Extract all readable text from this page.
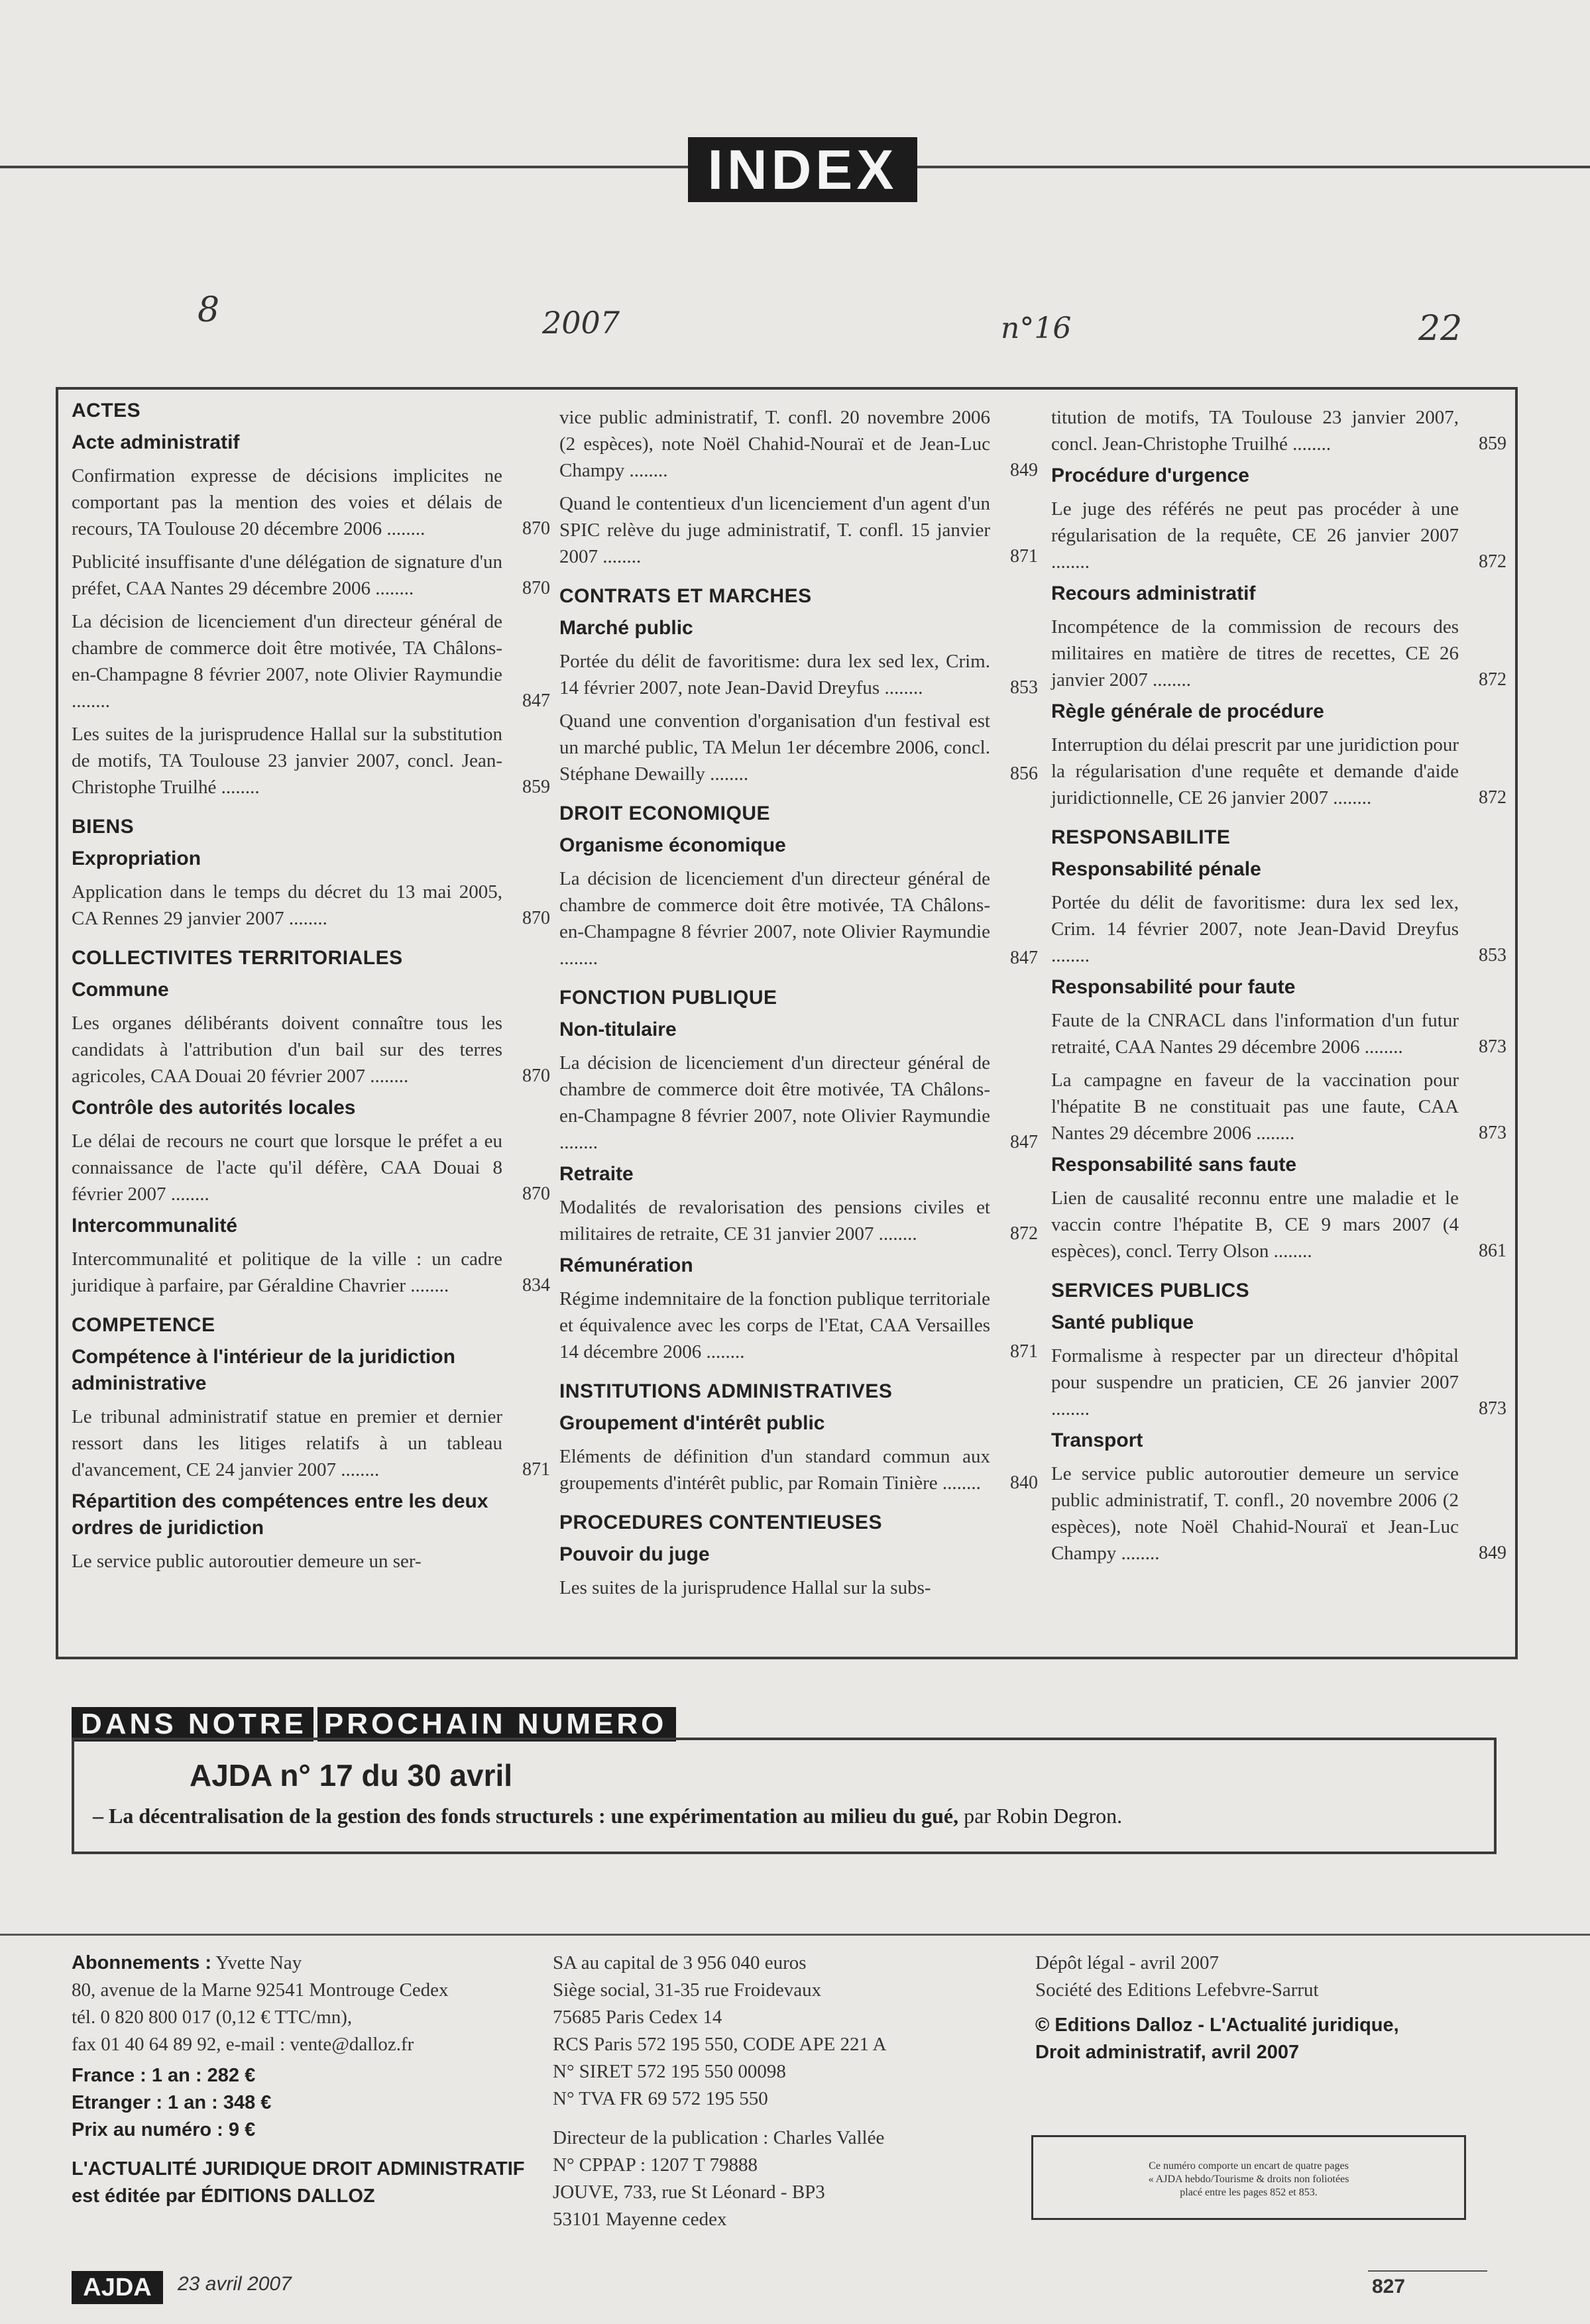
INDEX
8	2007	n°16	22
ACTES
Acte administratif
Confirmation expresse de décisions implicites ne comportant pas la mention des voies et délais de recours, TA Toulouse 20 décembre 2006 ........	870
Publicité insuffisante d'une délégation de signature d'un préfet, CAA Nantes 29 décembre 2006 ........	870
La décision de licenciement d'un directeur général de chambre de commerce doit être motivée, TA Châlons-en-Champagne 8 février 2007, note Olivier Raymundie ........	847
Les suites de la jurisprudence Hallal sur la substitution de motifs, TA Toulouse 23 janvier 2007, concl. Jean-Christophe Truilhé ........	859
BIENS
Expropriation
Application dans le temps du décret du 13 mai 2005, CA Rennes 29 janvier 2007 ........	870
COLLECTIVITES TERRITORIALES
Commune
Les organes délibérants doivent connaître tous les candidats à l'attribution d'un bail sur des terres agricoles, CAA Douai 20 février 2007 ........	870
Contrôle des autorités locales
Le délai de recours ne court que lorsque le préfet a eu connaissance de l'acte qu'il défère, CAA Douai 8 février 2007 ........	870
Intercommunalité
Intercommunalité et politique de la ville : un cadre juridique à parfaire, par Géraldine Chavrier ........	834
COMPETENCE
Compétence à l'intérieur de la juridiction administrative
Le tribunal administratif statue en premier et dernier ressort dans les litiges relatifs à un tableau d'avancement, CE 24 janvier 2007 ........	871
Répartition des compétences entre les deux ordres de juridiction
Le service public autoroutier demeure un ser-
vice public administratif, T. confl. 20 novembre 2006 (2 espèces), note Noël Chahid-Nouraï et de Jean-Luc Champy ........	849
Quand le contentieux d'un licenciement d'un agent d'un SPIC relève du juge administratif, T. confl. 15 janvier 2007 ........	871
CONTRATS ET MARCHES
Marché public
Portée du délit de favoritisme: dura lex sed lex, Crim. 14 février 2007, note Jean-David Dreyfus ........	853
Quand une convention d'organisation d'un festival est un marché public, TA Melun 1er décembre 2006, concl. Stéphane Dewailly ........	856
DROIT ECONOMIQUE
Organisme économique
La décision de licenciement d'un directeur général de chambre de commerce doit être motivée, TA Châlons-en-Champagne 8 février 2007, note Olivier Raymundie ........	847
FONCTION PUBLIQUE
Non-titulaire
La décision de licenciement d'un directeur général de chambre de commerce doit être motivée, TA Châlons-en-Champagne 8 février 2007, note Olivier Raymundie ........	847
Retraite
Modalités de revalorisation des pensions civiles et militaires de retraite, CE 31 janvier 2007 ........	872
Rémunération
Régime indemnitaire de la fonction publique territoriale et équivalence avec les corps de l'Etat, CAA Versailles 14 décembre 2006 ........	871
INSTITUTIONS ADMINISTRATIVES
Groupement d'intérêt public
Eléments de définition d'un standard commun aux groupements d'intérêt public, par Romain Tinière ........ 840
PROCEDURES CONTENTIEUSES
Pouvoir du juge
Les suites de la jurisprudence Hallal sur la subs-
titution de motifs, TA Toulouse 23 janvier 2007, concl. Jean-Christophe Truilhé ........	859
Procédure d'urgence
Le juge des référés ne peut pas procéder à une régularisation de la requête, CE 26 janvier 2007 ........	872
Recours administratif
Incompétence de la commission de recours des militaires en matière de titres de recettes, CE 26 janvier 2007 ........	872
Règle générale de procédure
Interruption du délai prescrit par une juridiction pour la régularisation d'une requête et demande d'aide juridictionnelle, CE 26 janvier 2007 ........	872
RESPONSABILITE
Responsabilité pénale
Portée du délit de favoritisme: dura lex sed lex, Crim. 14 février 2007, note Jean-David Dreyfus ........	853
Responsabilité pour faute
Faute de la CNRACL dans l'information d'un futur retraité, CAA Nantes 29 décembre 2006 ........	873
La campagne en faveur de la vaccination pour l'hépatite B ne constituait pas une faute, CAA Nantes 29 décembre 2006 ........	873
Responsabilité sans faute
Lien de causalité reconnu entre une maladie et le vaccin contre l'hépatite B, CE 9 mars 2007 (4 espèces), concl. Terry Olson ........	861
SERVICES PUBLICS
Santé publique
Formalisme à respecter par un directeur d'hôpital pour suspendre un praticien, CE 26 janvier 2007 ........	873
Transport
Le service public autoroutier demeure un service public administratif, T. confl., 20 novembre 2006 (2 espèces), note Noël Chahid-Nouraï et Jean-Luc Champy ........	849
DANS NOTRE PROCHAIN NUMERO
AJDA n° 17 du 30 avril
– La décentralisation de la gestion des fonds structurels : une expérimentation au milieu du gué, par Robin Degron.
Abonnements : Yvette Nay
80, avenue de la Marne 92541 Montrouge Cedex
tél. 0 820 800 017 (0,12 € TTC/mn),
fax 01 40 64 89 92, e-mail : vente@dalloz.fr
France : 1 an : 282 €
Etranger : 1 an : 348 €
Prix au numéro : 9 €
L'ACTUALITÉ JURIDIQUE DROIT ADMINISTRATIF
est éditée par ÉDITIONS DALLOZ
SA au capital de 3 956 040 euros
Siège social, 31-35 rue Froidevaux
75685 Paris Cedex 14
RCS Paris 572 195 550, CODE APE 221 A
N° SIRET 572 195 550 00098
N° TVA FR 69 572 195 550
Directeur de la publication : Charles Vallée
N° CPPAP : 1207 T 79888
JOUVE, 733, rue St Léonard - BP3
53101 Mayenne cedex
Dépôt légal - avril 2007
Société des Editions Lefebvre-Sarrut
© Editions Dalloz - L'Actualité juridique,
Droit administratif, avril 2007
Ce numéro comporte un encart de quatre pages
« AJDA hebdo/Tourisme & droits non foliotées
placé entre les pages 852 et 853.
AJDA	23 avril 2007	827
